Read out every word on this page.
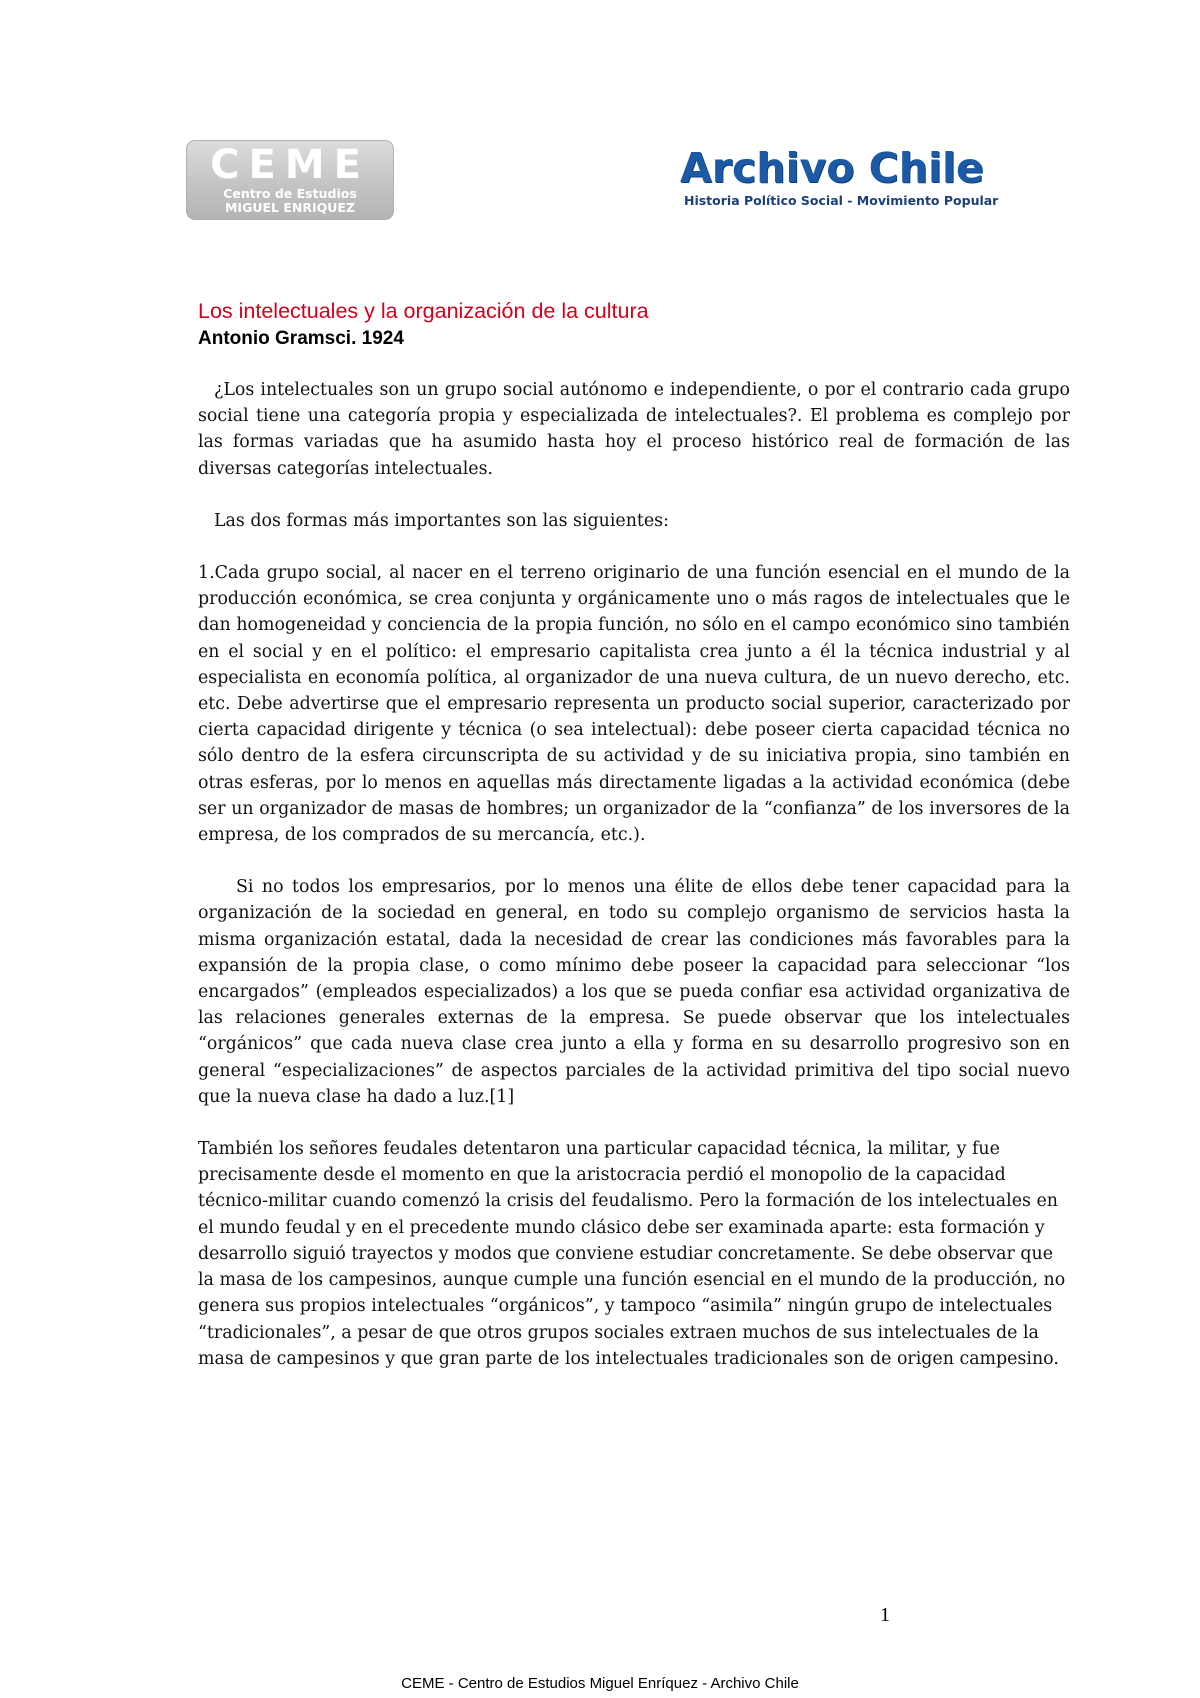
CEME
Centro de Estudios
MIGUEL ENRIQUEZ
Archivo Chile
Historia Político Social - Movimiento Popular
Los intelectuales y la organización de la cultura
Antonio Gramsci. 1924

¿Los intelectuales son un grupo social autónomo e independiente, o por el contrario cada grupo social tiene una categoría propia y especializada de intelectuales?. El problema es complejo por las formas variadas que ha asumido hasta hoy el proceso histórico real de formación de las diversas categorías intelectuales.

Las dos formas más importantes son las siguientes:

1.Cada grupo social, al nacer en el terreno originario de una función esencial en el mundo de la producción económica, se crea conjunta y orgánicamente uno o más ragos de intelectuales que le dan homogeneidad y conciencia de la propia función, no sólo en el campo económico sino también en el social y en el político: el empresario capitalista crea junto a él la técnica industrial y al especialista en economía política, al organizador de una nueva cultura, de un nuevo derecho, etc. etc. Debe advertirse que el empresario representa un producto social superior, caracterizado por cierta capacidad dirigente y técnica (o sea intelectual): debe poseer cierta capacidad técnica no sólo dentro de la esfera circunscripta de su actividad y de su iniciativa propia, sino también en otras esferas, por lo menos en aquellas más directamente ligadas a la actividad económica (debe ser un organizador de masas de hombres; un organizador de la “confianza” de los inversores de la empresa, de los comprados de su mercancía, etc.).

Si no todos los empresarios, por lo menos una élite de ellos debe tener capacidad para la organización de la sociedad en general, en todo su complejo organismo de servicios hasta la misma organización estatal, dada la necesidad de crear las condiciones más favorables para la expansión de la propia clase, o como mínimo debe poseer la capacidad para seleccionar “los encargados” (empleados especializados) a los que se pueda confiar esa actividad organizativa de las relaciones generales externas de la empresa. Se puede observar que los intelectuales “orgánicos” que cada nueva clase crea junto a ella y forma en su desarrollo progresivo son en general “especializaciones” de aspectos parciales de la actividad primitiva del tipo social nuevo que la nueva clase ha dado a luz.[1]

También los señores feudales detentaron una particular capacidad técnica, la militar, y fue precisamente desde el momento en que la aristocracia perdió el monopolio de la capacidad técnico-militar cuando comenzó la crisis del feudalismo. Pero la formación de los intelectuales en el mundo feudal y en el precedente mundo clásico debe ser examinada aparte: esta formación y desarrollo siguió trayectos y modos que conviene estudiar concretamente. Se debe observar que la masa de los campesinos, aunque cumple una función esencial en el mundo de la producción, no genera sus propios intelectuales “orgánicos”, y tampoco “asimila” ningún grupo de intelectuales “tradicionales”, a pesar de que otros grupos sociales extraen muchos de sus intelectuales de la masa de campesinos y que gran parte de los intelectuales tradicionales son de origen campesino.

1
CEME - Centro de Estudios Miguel Enríquez - Archivo Chile
